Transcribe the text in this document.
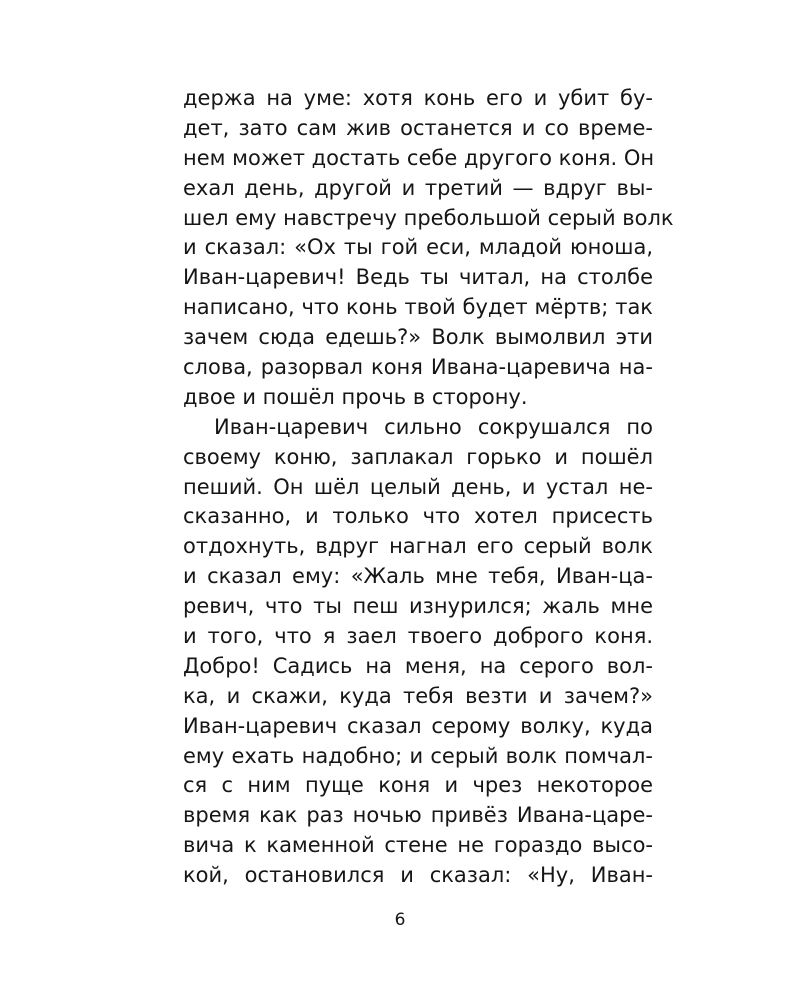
держа на уме: хотя конь его и убит бу-
дет, зато сам жив останется и со време-
нем может достать себе другого коня. Он
ехал день, другой и третий — вдруг вы-
шел ему навстречу пребольшой серый волк
и сказал: «Ох ты гой еси, младой юноша,
Иван-царевич! Ведь ты читал, на столбе
написано, что конь твой будет мёртв; так
зачем сюда едешь?» Волк вымолвил эти
слова, разорвал коня Ивана-царевича на-
двое и пошёл прочь в сторону.
Иван-царевич сильно сокрушался по
своему коню, заплакал горько и пошёл
пеший. Он шёл целый день, и устал не-
сказанно, и только что хотел присесть
отдохнуть, вдруг нагнал его серый волк
и сказал ему: «Жаль мне тебя, Иван-ца-
ревич, что ты пеш изнурился; жаль мне
и того, что я заел твоего доброго коня.
Добро! Садись на меня, на серого вол-
ка, и скажи, куда тебя везти и зачем?»
Иван-царевич сказал серому волку, куда
ему ехать надобно; и серый волк помчал-
ся с ним пуще коня и чрез некоторое
время как раз ночью привёз Ивана-царе-
вича к каменной стене не гораздо высо-
кой, остановился и сказал: «Ну, Иван-
6
